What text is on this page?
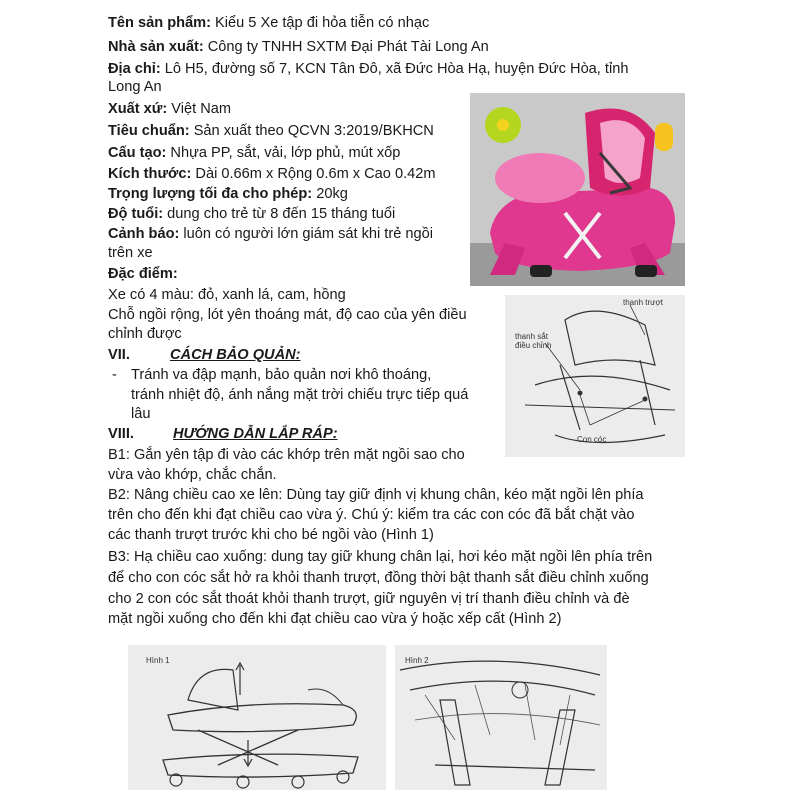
Tên sản phẩm: Kiểu 5 Xe tập đi hỏa tiễn có nhạc
Nhà sản xuất: Công ty TNHH SXTM Đại Phát Tài Long An
Địa chỉ: Lô H5, đường số 7, KCN Tân Đô, xã Đức Hòa Hạ, huyện Đức Hòa, tỉnh
Long An
Xuất xứ: Việt Nam
Tiêu chuẩn: Sản xuất theo QCVN 3:2019/BKHCN
Cấu tạo: Nhựa PP, sắt, vải, lớp phủ, mút xốp
Kích thước: Dài 0.66m x Rộng 0.6m x Cao 0.42m
Trọng lượng tối đa cho phép: 20kg
Độ tuổi: dung cho trẻ từ 8 đến 15 tháng tuổi
Cảnh báo: luôn có người lớn giám sát khi trẻ ngồi
trên xe
Đặc điểm:
Xe có 4 màu: đỏ, xanh lá, cam, hồng
Chỗ ngồi rộng, lót yên thoáng mát, độ cao của yên điều
chỉnh được
thanh trượt
thanh sắt
điều chỉnh
Con cóc
VII.	CÁCH BẢO QUẢN:
- Tránh va đập mạnh, bảo quản nơi khô thoáng,
tránh nhiệt độ, ánh nắng mặt trời chiếu trực tiếp quá
lâu
VIII.	HƯỚNG DẪN LẮP RÁP:
B1: Gắn yên tập đi vào các khớp trên mặt ngồi sao cho
vừa vào khớp, chắc chắn.
B2: Nâng chiều cao xe lên: Dùng tay giữ định vị khung chân, kéo mặt ngồi lên phía
trên cho đến khi đạt chiều cao vừa ý. Chú ý: kiểm tra các con cóc đã bắt chặt vào
các thanh trượt trước khi cho bé ngồi vào (Hình 1)
B3: Hạ chiều cao xuống: dung tay giữ khung chân lại, hơi kéo mặt ngồi lên phía trên
để cho con cóc sắt hở ra khỏi thanh trượt, đồng thời bật thanh sắt điều chỉnh xuống
cho 2 con cóc sắt thoát khỏi thanh trượt, giữ nguyên vị trí thanh điều chỉnh và đè
mặt ngồi xuống cho đến khi đạt chiều cao vừa ý hoặc xếp cất (Hình 2)
Hình 1	Hình 2
